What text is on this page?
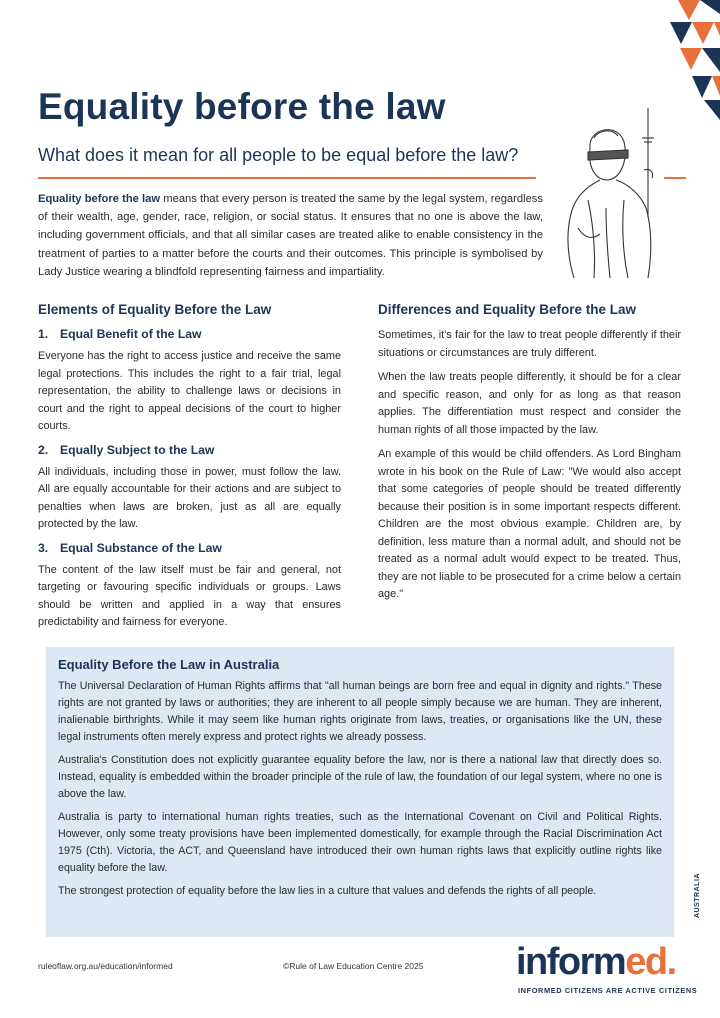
Equality before the law

What does it mean for all people to be equal before the law?

Equality before the law means that every person is treated the same by the legal system, regardless of their wealth, age, gender, race, religion, or social status. It ensures that no one is above the law, including government officials, and that all similar cases are treated alike to enable consistency in the treatment of parties to a matter before the courts and their outcomes. This principle is symbolised by Lady Justice wearing a blindfold representing fairness and impartiality.

Elements of Equality Before the Law
1. Equal Benefit of the Law

Everyone has the right to access justice and receive the same legal protections. This includes the right to a fair trial, legal representation, the ability to challenge laws or decisions in court and the right to appeal decisions of the court to higher courts.

2. Equally Subject to the Law

All individuals, including those in power, must follow the law. All are equally accountable for their actions and are subject to penalties when laws are broken, just as all are equally protected by the law.

3. Equal Substance of the Law

The content of the law itself must be fair and general, not targeting or favouring specific individuals or groups. Laws should be written and applied in a way that ensures predictability and fairness for everyone.

Differences and Equality Before the Law

Sometimes, it's fair for the law to treat people differently if their situations or circumstances are truly different.

When the law treats people differently, it should be for a clear and specific reason, and only for as long as that reason applies. The differentiation must respect and consider the human rights of all those impacted by the law.

An example of this would be child offenders. As Lord Bingham wrote in his book on the Rule of Law: "We would also accept that some categories of people should be treated differently because their position is in some important respects different. Children are the most obvious example. Children are, by definition, less mature than a normal adult, and should not be treated as a normal adult would expect to be treated. Thus, they are not liable to be prosecuted for a crime below a certain age."

Equality Before the Law in Australia

The Universal Declaration of Human Rights affirms that "all human beings are born free and equal in dignity and rights." These rights are not granted by laws or authorities; they are inherent to all people simply because we are human. They are inherent, inalienable birthrights. While it may seem like human rights originate from laws, treaties, or organisations like the UN, these legal instruments often merely express and protect rights we already possess.

Australia's Constitution does not explicitly guarantee equality before the law, nor is there a national law that directly does so. Instead, equality is embedded within the broader principle of the rule of law, the foundation of our legal system, where no one is above the law.

Australia is party to international human rights treaties, such as the International Covenant on Civil and Political Rights. However, only some treaty provisions have been implemented domestically, for example through the Racial Discrimination Act 1975 (Cth). Victoria, the ACT, and Queensland have introduced their own human rights laws that explicitly outline rights like equality before the law.

The strongest protection of equality before the law lies in a culture that values and defends the rights of all people.

ruleoflaw.org.au/education/informed	©Rule of Law Education Centre 2025 informed.
AUSTRALIA
INFORMED CITIZENS ARE ACTIVE CITIZENS
